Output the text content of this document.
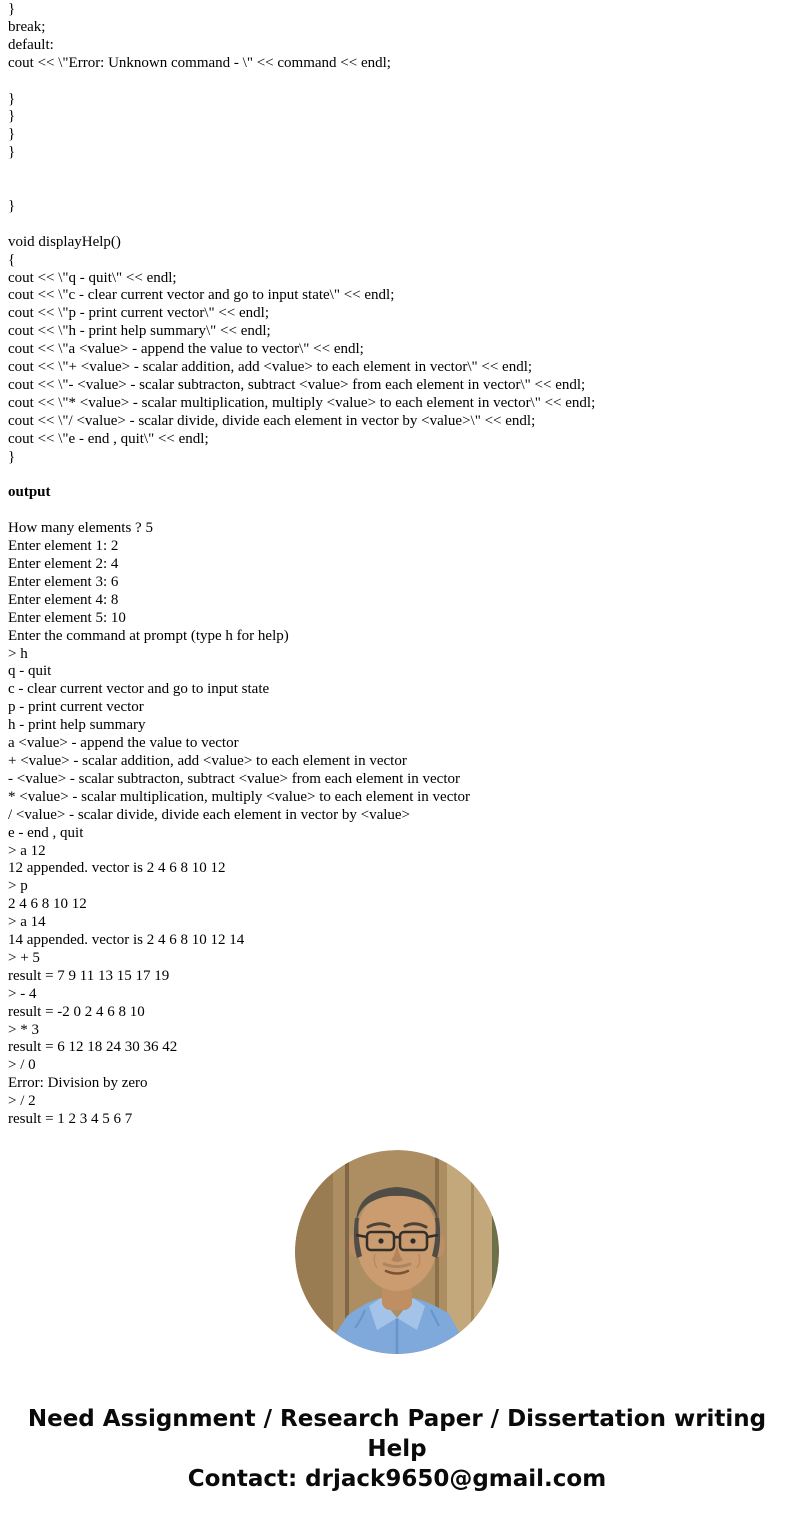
}
break;
default:
cout << \"Error: Unknown command - \" << command << endl;
}
}
}
}
}
void displayHelp()
{
cout << \"q - quit\" << endl;
cout << \"c - clear current vector and go to input state\" << endl;
cout << \"p - print current vector\" << endl;
cout << \"h - print help summary\" << endl;
cout << \"a <value> - append the value to vector\" << endl;
cout << \"+ <value> - scalar addition, add <value> to each element in vector\" << endl;
cout << \"- <value> - scalar subtracton, subtract <value> from each element in vector\" << endl;
cout << \"* <value> - scalar multiplication, multiply <value> to each element in vector\" << endl;
cout << \"/ <value> - scalar divide, divide each element in vector by <value>\" << endl;
cout << \"e - end , quit\" << endl;
}
output
How many elements ? 5
Enter element 1: 2
Enter element 2: 4
Enter element 3: 6
Enter element 4: 8
Enter element 5: 10
Enter the command at prompt (type h for help)
> h
q - quit
c - clear current vector and go to input state
p - print current vector
h - print help summary
a <value> - append the value to vector
+ <value> - scalar addition, add <value> to each element in vector
- <value> - scalar subtracton, subtract <value> from each element in vector
* <value> - scalar multiplication, multiply <value> to each element in vector
/ <value> - scalar divide, divide each element in vector by <value>
e - end , quit
> a 12
12 appended. vector is 2 4 6 8 10 12
> p
2 4 6 8 10 12
> a 14
14 appended. vector is 2 4 6 8 10 12 14
> + 5
result = 7 9 11 13 15 17 19
> - 4
result = -2 0 2 4 6 8 10
> * 3
result = 6 12 18 24 30 36 42
> / 0
Error: Division by zero
> / 2
result = 1 2 3 4 5 6 7
Need Assignment / Research Paper / Dissertation writing Help
Contact: drjack9650@gmail.com
